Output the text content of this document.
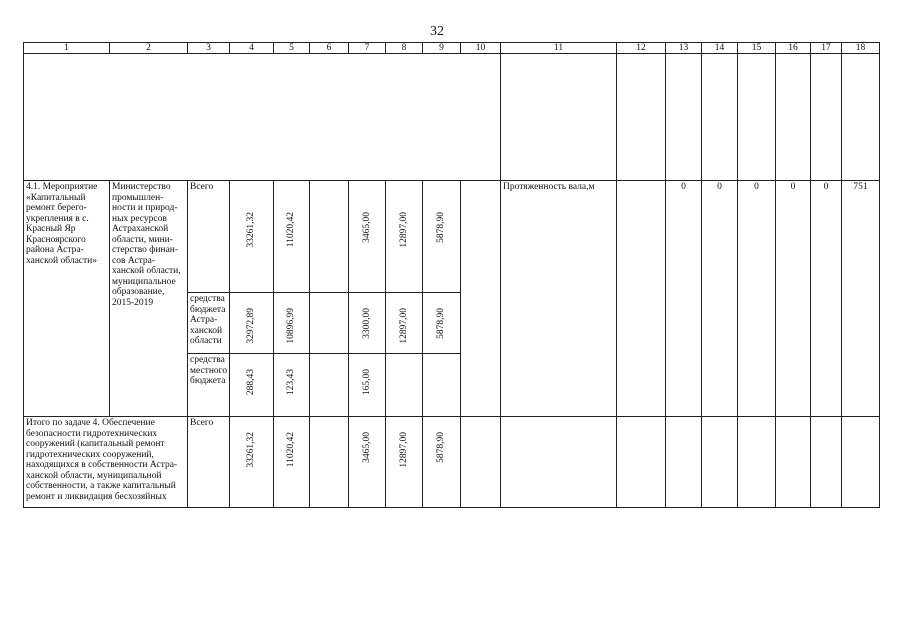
32
1	2	3	4	5	6	7	8	9	10	11	12	13	14	15	16	17	18

4.1. Мероприятие «Капитальный ремонт берего-укрепления в с. Красный Яр Красноярского района Астра-ханской области»	Министерство промышлен-ности и природ-ных ресурсов Астраханской области, мини-стерство финан-сов Астра-ханской области, муниципальное образование, 2015-2019	Всего	33261,32	11020,42		3465,00	12897,00	5878,90		Протяженность вала,м		0	0	0	0	0	751
		средства бюджета Астра-ханской области	32972,89	10896,99		3300,00	12897,00	5878,90									

		средства местного бюджета	288,43	123,43		165,00											

Итого по задаче 4. Обеспечение безопасности гидротехнических сооружений (капитальный ремонт гидротехнических сооружений, находящихся в собственности Астра-ханской области, муниципальной собственности, а также капитальный ремонт и ликвидация бесхозяйных		Всего	33261,32	11020,42		3465,00	12897,00	5878,90									
